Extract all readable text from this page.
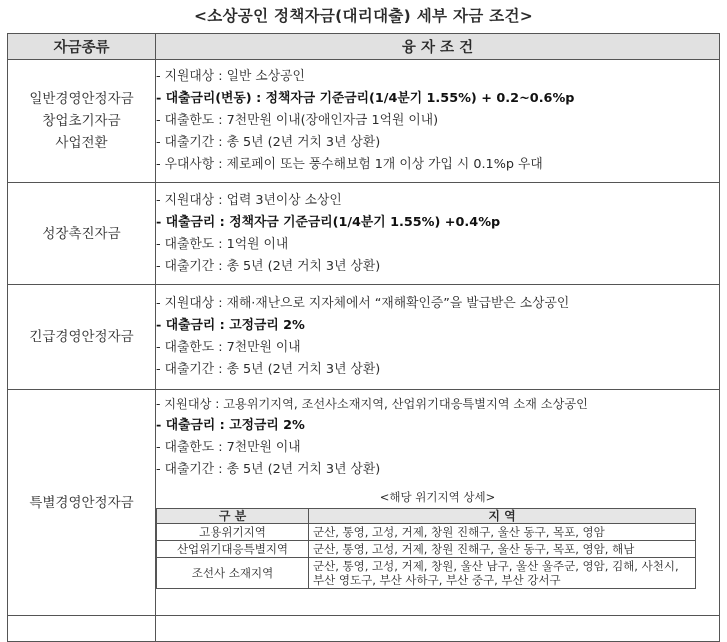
<소상공인 정책자금(대리대출) 세부 자금 조건>
자금종류	융 자 조 건

일반경영안정자금
창업초기자금
사업전환

- 지원대상 : 일반 소상공인
- 대출금리(변동) : 정책자금 기준금리(1/4분기 1.55%) + 0.2~0.6%p
- 대출한도 : 7천만원 이내(장애인자금 1억원 이내)
- 대출기간 : 총 5년 (2년 거치 3년 상환)
- 우대사항 : 제로페이 또는 풍수해보험 1개 이상 가입 시 0.1%p 우대

성장촉진자금

- 지원대상 : 업력 3년이상 소상인
- 대출금리 : 정책자금 기준금리(1/4분기 1.55%) +0.4%p
- 대출한도 : 1억원 이내
- 대출기간 : 총 5년 (2년 거치 3년 상환)

긴급경영안정자금

- 지원대상 : 재해·재난으로 지자체에서 “재해확인증”을 발급받은 소상공인
- 대출금리 : 고정금리 2%
- 대출한도 : 7천만원 이내
- 대출기간 : 총 5년 (2년 거치 3년 상환)

특별경영안정자금

- 지원대상 : 고용위기지역, 조선사소재지역, 산업위기대응특별지역 소재 소상공인
- 대출금리 : 고정금리 2%
- 대출한도 : 7천만원 이내
- 대출기간 : 총 5년 (2년 거치 3년 상환)
<해당 위기지역 상세>
구 분	지 역
고용위기지역	군산, 통영, 고성, 거제, 창원 진해구, 울산 동구, 목포, 영암
산업위기대응특별지역	군산, 통영, 고성, 거제, 창원 진해구, 울산 동구, 목포, 영암, 해남
조선사 소재지역	군산, 통영, 고성, 거제, 창원, 울산 남구, 울산 울주군, 영암, 김해, 사천시, 부산 영도구, 부산 사하구, 부산 중구, 부산 강서구
